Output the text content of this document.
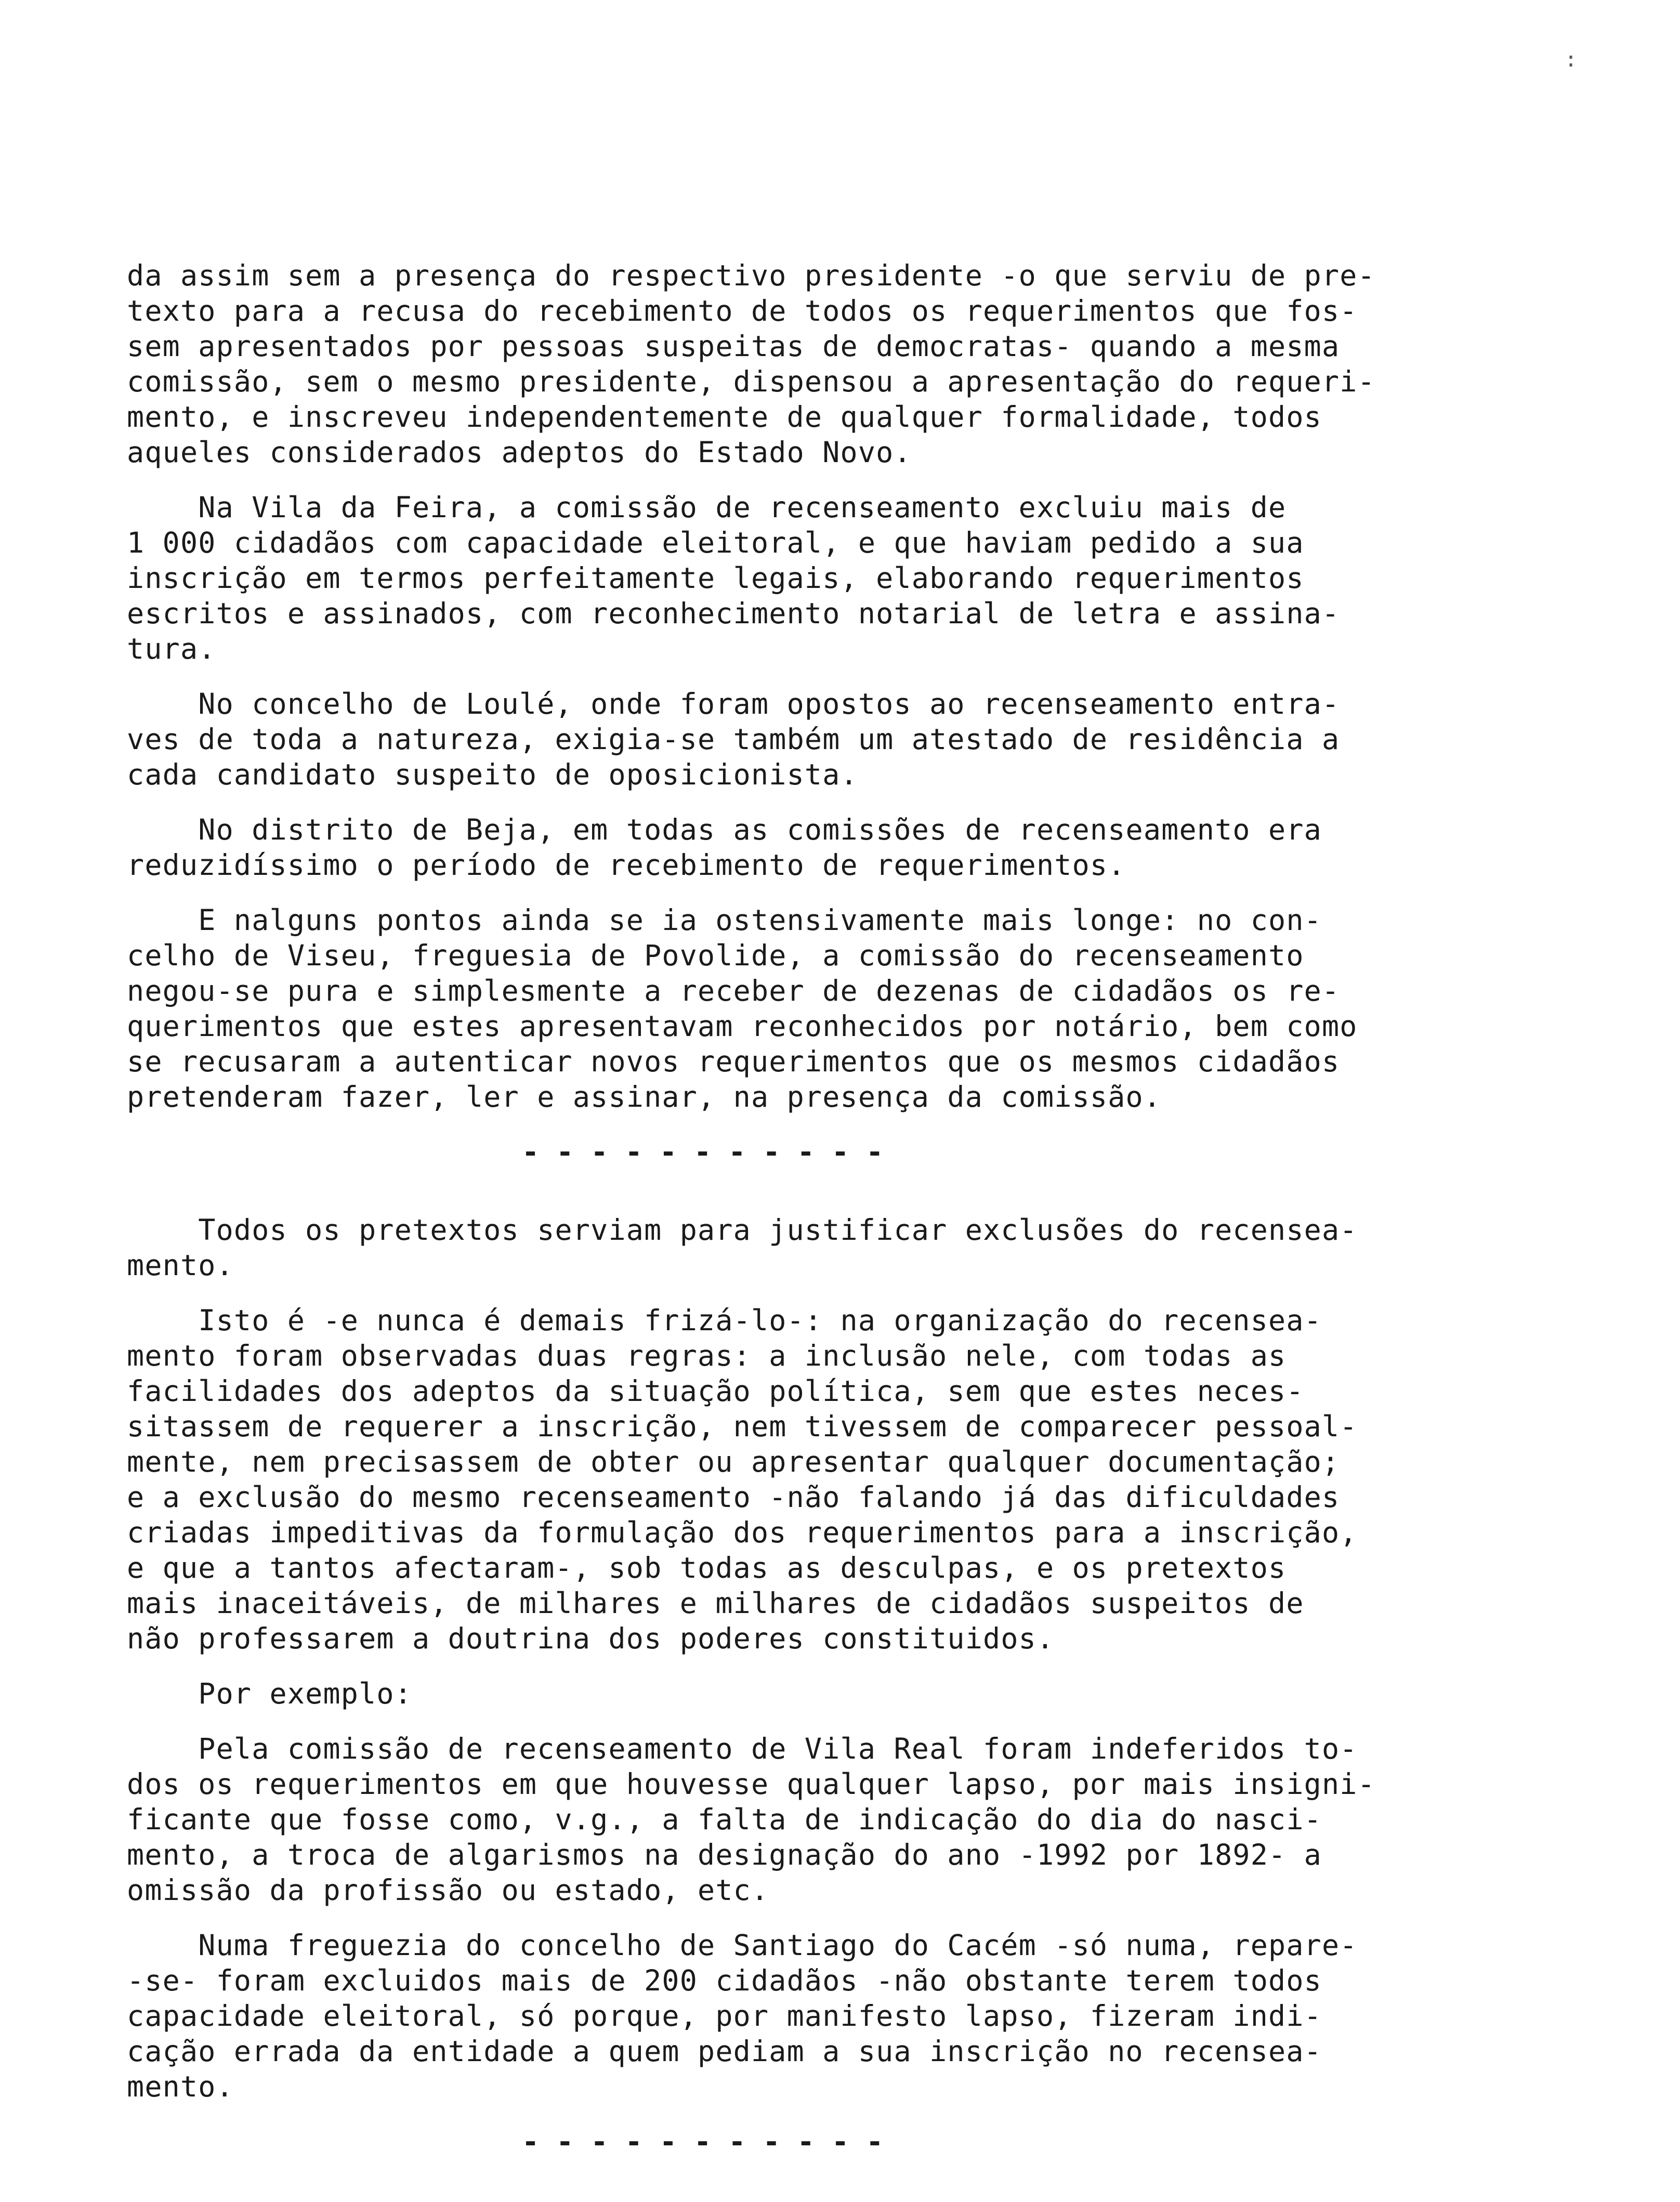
:
da assim sem a presença do respectivo presidente -o que serviu de pre-
texto para a recusa do recebimento de todos os requerimentos que fos-
sem apresentados por pessoas suspeitas de democratas- quando a mesma
comissão, sem o mesmo presidente, dispensou a apresentação do requeri-
mento, e inscreveu independentemente de qualquer formalidade, todos
aqueles considerados adeptos do Estado Novo.
Na Vila da Feira, a comissão de recenseamento excluiu mais de
1 000 cidadãos com capacidade eleitoral, e que haviam pedido a sua
inscrição em termos perfeitamente legais, elaborando requerimentos
escritos e assinados, com reconhecimento notarial de letra e assina-
tura.
No concelho de Loulé, onde foram opostos ao recenseamento entra-
ves de toda a natureza, exigia-se também um atestado de residência a
cada candidato suspeito de oposicionista.
No distrito de Beja, em todas as comissões de recenseamento era
reduzidíssimo o período de recebimento de requerimentos.
E nalguns pontos ainda se ia ostensivamente mais longe: no con-
celho de Viseu, freguesia de Povolide, a comissão do recenseamento
negou-se pura e simplesmente a receber de dezenas de cidadãos os re-
querimentos que estes apresentavam reconhecidos por notário, bem como
se recusaram a autenticar novos requerimentos que os mesmos cidadãos
pretenderam fazer, ler e assinar, na presença da comissão.
- - - - - - - - - - -
Todos os pretextos serviam para justificar exclusões do recensea-
mento.
Isto é -e nunca é demais frizá-lo-: na organização do recensea-
mento foram observadas duas regras: a inclusão nele, com todas as
facilidades dos adeptos da situação política, sem que estes neces-
sitassem de requerer a inscrição, nem tivessem de comparecer pessoal-
mente, nem precisassem de obter ou apresentar qualquer documentação;
e a exclusão do mesmo recenseamento -não falando já das dificuldades
criadas impeditivas da formulação dos requerimentos para a inscrição,
e que a tantos afectaram-, sob todas as desculpas, e os pretextos
mais inaceitáveis, de milhares e milhares de cidadãos suspeitos de
não professarem a doutrina dos poderes constituidos.
Por exemplo:
Pela comissão de recenseamento de Vila Real foram indeferidos to-
dos os requerimentos em que houvesse qualquer lapso, por mais insigni-
ficante que fosse como, v.g., a falta de indicação do dia do nasci-
mento, a troca de algarismos na designação do ano -1992 por 1892- a
omissão da profissão ou estado, etc.
Numa freguezia do concelho de Santiago do Cacém -só numa, repare-
-se- foram excluidos mais de 200 cidadãos -não obstante terem todos
capacidade eleitoral, só porque, por manifesto lapso, fizeram indi-
cação errada da entidade a quem pediam a sua inscrição no recensea-
mento.
- - - - - - - - - - -
